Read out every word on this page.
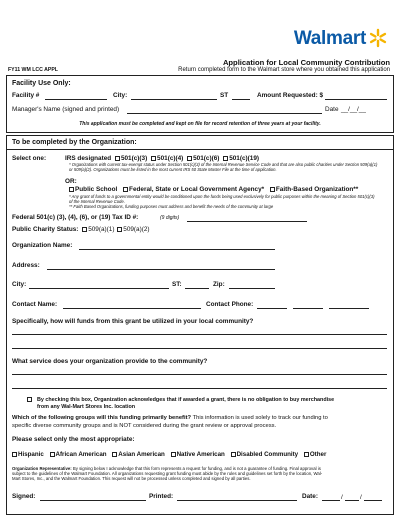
Walmart
FY11 WM LCC APPL
Application for Local Community Contribution
Return completed form to the Walmart store where you obtained this application
Facility Use Only:
Facility #	City:	ST	Amount Requested: $
Manager's Name (signed and printed)	Date __/__/__
This application must be completed and kept on file for record retention of three years at your facility.
To be completed by the Organization:
Select one:	IRS designated 501(c)(3) 501(c)(4) 501(c)(6) 501(c)(19)
* Organizations with current tax-exempt status under Section 501(c)(3) of the Internal Revenue Service Code and that are also public charities under Section 509(a)(1) or 509(a)(2). Organizations must be listed in the most current IRS 50 State Master File at the time of application.
OR:
Public School Federal, State or Local Government Agency* Faith-Based Organization**
* Any grant of funds to a governmental entity would be conditioned upon the funds being used exclusively for public purposes within the meaning of Section 501(c)(3) of the Internal Revenue Code.
** Faith Based Organizations, funding purposes must address and benefit the needs of the community at large
Federal 501(c) (3), (4), (6), or (19) Tax ID #:	(9 digits)
Public Charity Status: 509(a)(1) 509(a)(2)
Organization Name:
Address:
City:	ST:	Zip:
Contact Name:	Contact Phone:
Specifically, how will funds from this grant be utilized in your local community?
What service does your organization provide to the community?
By checking this box, Organization acknowledges that if awarded a grant, there is no obligation to buy merchandise
from any Wal-Mart Stores Inc. location
Which of the following groups will this funding primarily benefit? This information is used solely to track our funding to
specific diverse community groups and is NOT considered during the grant review or approval process.
Please select only the most appropriate:
Hispanic African American Asian American Native American Disabled Community Other
Organization Representative: By signing below I acknowledge that this form represents a request for funding, and is not a guarantee of funding. Final approval is
subject to the guidelines of the Walmart Foundation. All organizations requesting grant funding must abide by the rules and guidelines set forth by the location, Wal-
Mart Stores, Inc., and the Walmart Foundation. This request will not be processed unless completed and signed by all parties.
Signed:	Printed:	Date:	/	/
